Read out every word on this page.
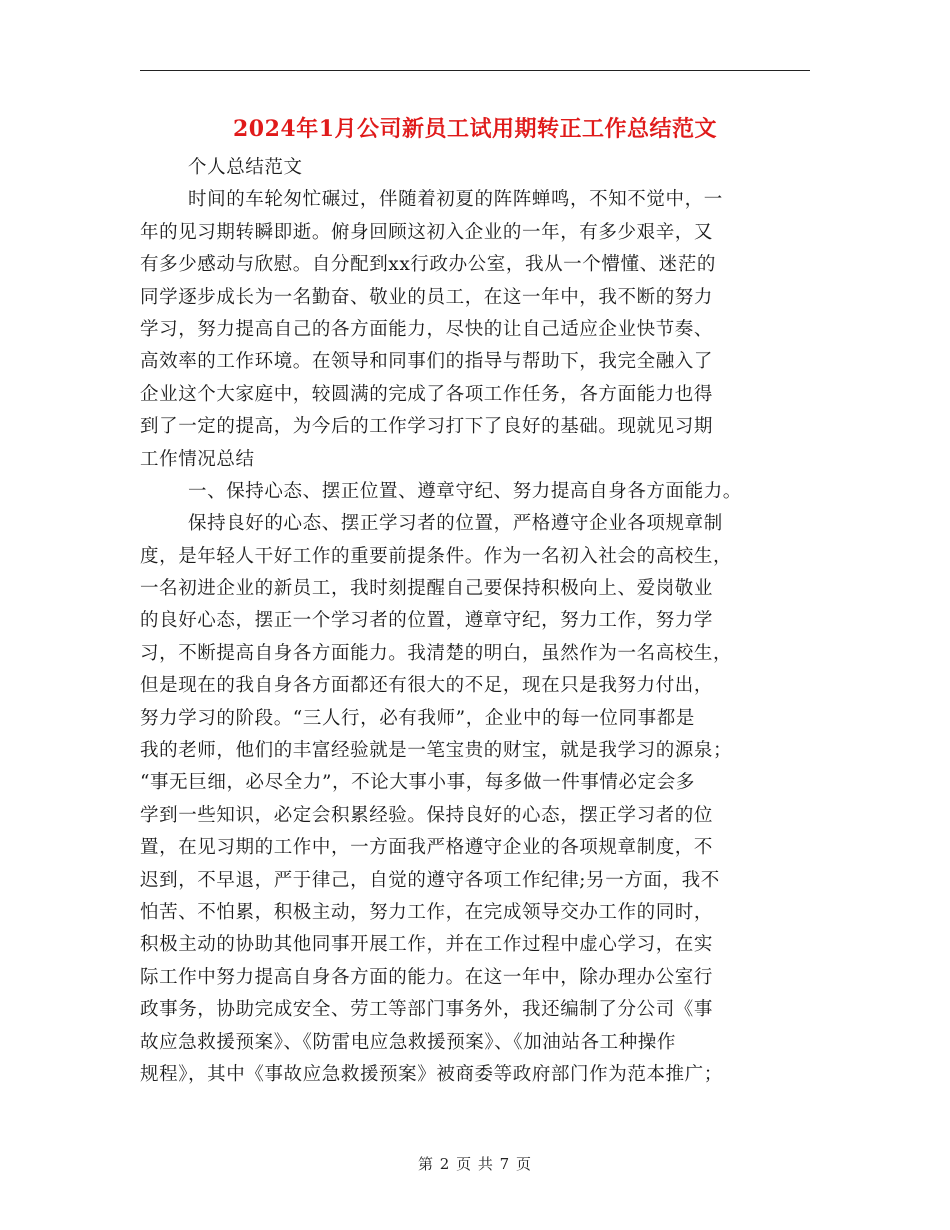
2024年1月公司新员工试用期转正工作总结范文
个人总结范文
时间的车轮匆忙碾过，伴随着初夏的阵阵蝉鸣，不知不觉中，一
年的见习期转瞬即逝。俯身回顾这初入企业的一年，有多少艰辛，又
有多少感动与欣慰。自分配到xx行政办公室，我从一个懵懂、迷茫的
同学逐步成长为一名勤奋、敬业的员工，在这一年中，我不断的努力
学习，努力提高自己的各方面能力，尽快的让自己适应企业快节奏、
高效率的工作环境。在领导和同事们的指导与帮助下，我完全融入了
企业这个大家庭中，较圆满的完成了各项工作任务，各方面能力也得
到了一定的提高，为今后的工作学习打下了良好的基础。现就见习期
工作情况总结
一、保持心态、摆正位置、遵章守纪、努力提高自身各方面能力。
保持良好的心态、摆正学习者的位置，严格遵守企业各项规章制
度，是年轻人干好工作的重要前提条件。作为一名初入社会的高校生，
一名初进企业的新员工，我时刻提醒自己要保持积极向上、爱岗敬业
的良好心态，摆正一个学习者的位置，遵章守纪，努力工作，努力学
习，不断提高自身各方面能力。我清楚的明白，虽然作为一名高校生，
但是现在的我自身各方面都还有很大的不足，现在只是我努力付出，
努力学习的阶段。“三人行，必有我师”，企业中的每一位同事都是
我的老师，他们的丰富经验就是一笔宝贵的财宝，就是我学习的源泉；
“事无巨细，必尽全力”，不论大事小事，每多做一件事情必定会多
学到一些知识，必定会积累经验。保持良好的心态，摆正学习者的位
置，在见习期的工作中，一方面我严格遵守企业的各项规章制度，不
迟到，不早退，严于律己，自觉的遵守各项工作纪律;另一方面，我不
怕苦、不怕累，积极主动，努力工作，在完成领导交办工作的同时，
积极主动的协助其他同事开展工作，并在工作过程中虚心学习，在实
际工作中努力提高自身各方面的能力。在这一年中，除办理办公室行
政事务，协助完成安全、劳工等部门事务外，我还编制了分公司《事
故应急救援预案》、《防雷电应急救援预案》、《加油站各工种操作
规程》，其中《事故应急救援预案》被商委等政府部门作为范本推广；
第 2 页 共 7 页
